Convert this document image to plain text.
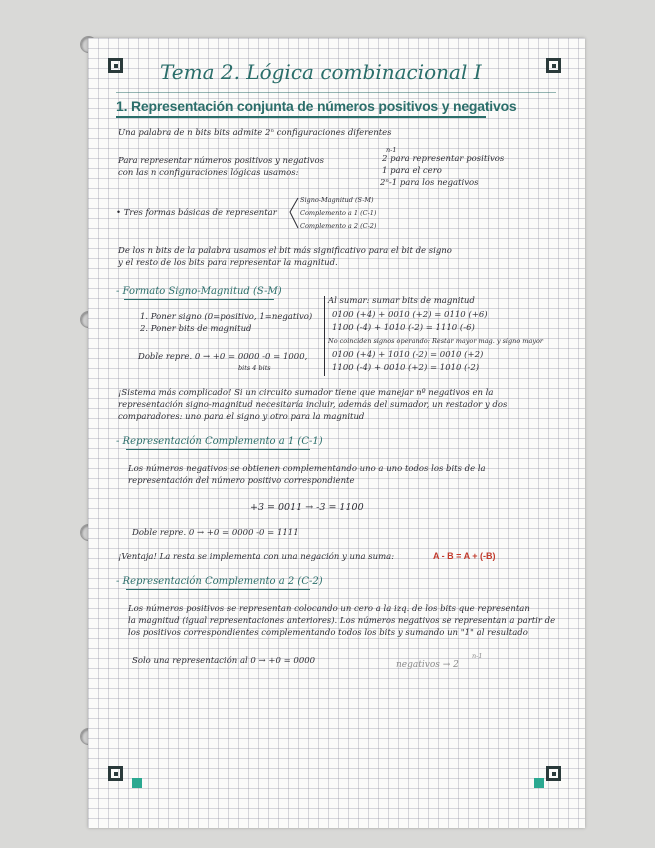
Tema 2. Lógica combinacional I
1. Representación conjunta de números positivos y negativos
Una palabra de n bits bits admite 2ⁿ configuraciones diferentes
Para representar números positivos y negativos
con las n configuraciones lógicas usamos:
n-1
2 para representar positivos
1 para el cero
2ⁿ-1 para los negativos
• Tres formas básicas de representar
Signo-Magnitud (S-M)
Complemento a 1 (C-1)
Complemento a 2 (C-2)
De los n bits de la palabra usamos el bit más significativo para el bit de signo
y el resto de los bits para representar la magnitud.
- Formato Signo-Magnitud (S-M)
1. Poner signo (0=positivo, 1=negativo)
2. Poner bits de magnitud
Doble repre. 0 → +0 = 0000 -0 = 1000,
bits 4 bits
Al sumar: sumar bits de magnitud
0100 (+4) + 0010 (+2) = 0110 (+6)
1100 (-4) + 1010 (-2) = 1110 (-6)
No coinciden signos operando: Restar mayor mag. y signo mayor
0100 (+4) + 1010 (-2) = 0010 (+2)
1100 (-4) + 0010 (+2) = 1010 (-2)
¡Sistema más complicado! Si un circuito sumador tiene que manejar nº negativos en la
representación signo-magnitud necesitaría incluir, además del sumador, un restador y dos
comparadores: uno para el signo y otro para la magnitud
- Representación Complemento a 1 (C-1)
Los números negativos se obtienen complementando uno a uno todos los bits de la
representación del número positivo correspondiente
+3 = 0011 → -3 = 1100
Doble repre. 0 → +0 = 0000 -0 = 1111
¡Ventaja! La resta se implementa con una negación y una suma:	A - B = A + (-B)
- Representación Complemento a 2 (C-2)
Los números positivos se representan colocando un cero a la izq. de los bits que representan
la magnitud (igual representaciones anteriores). Los números negativos se representan a partir de
los positivos correspondientes complementando todos los bits y sumando un "1" al resultado
Solo una representación al 0 → +0 = 0000	negativos → 2
n-1
